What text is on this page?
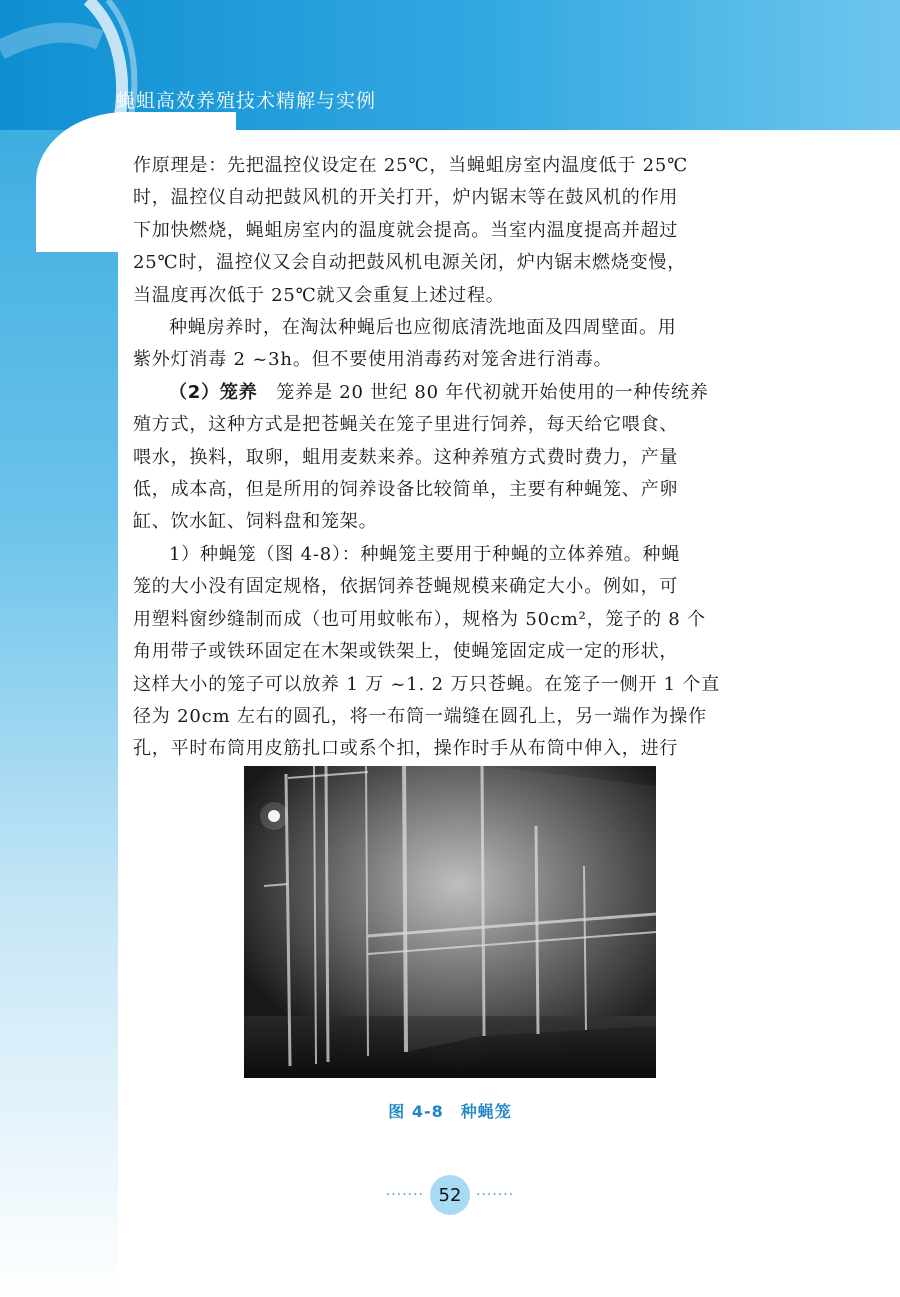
蝇蛆高效养殖技术精解与实例

作原理是：先把温控仪设定在 25℃，当蝇蛆房室内温度低于 25℃
时，温控仪自动把鼓风机的开关打开，炉内锯末等在鼓风机的作用
下加快燃烧，蝇蛆房室内的温度就会提高。当室内温度提高并超过
25℃时，温控仪又会自动把鼓风机电源关闭，炉内锯末燃烧变慢，
当温度再次低于 25℃就又会重复上述过程。

种蝇房养时，在淘汰种蝇后也应彻底清洗地面及四周壁面。用
紫外灯消毒 2 ~3h。但不要使用消毒药对笼舍进行消毒。

（2）笼养　 笼养是 20 世纪 80 年代初就开始使用的一种传统养
殖方式，这种方式是把苍蝇关在笼子里进行饲养，每天给它喂食、
喂水，换料，取卵，蛆用麦麸来养。这种养殖方式费时费力，产量
低，成本高，但是所用的饲养设备比较简单，主要有种蝇笼、产卵
缸、饮水缸、饲料盘和笼架。

1）种蝇笼（图 4-8）：种蝇笼主要用于种蝇的立体养殖。种蝇
笼的大小没有固定规格，依据饲养苍蝇规模来确定大小。例如，可
用塑料窗纱缝制而成（也可用蚊帐布），规格为 50cm²，笼子的 8 个
角用带子或铁环固定在木架或铁架上，使蝇笼固定成一定的形状，
这样大小的笼子可以放养 1 万 ~1. 2 万只苍蝇。在笼子一侧开 1 个直
径为 20cm 左右的圆孔，将一布筒一端缝在圆孔上，另一端作为操作
孔，平时布筒用皮筋扎口或系个扣，操作时手从布筒中伸入，进行

图 4-8　种蝇笼
······· 52 ·······
